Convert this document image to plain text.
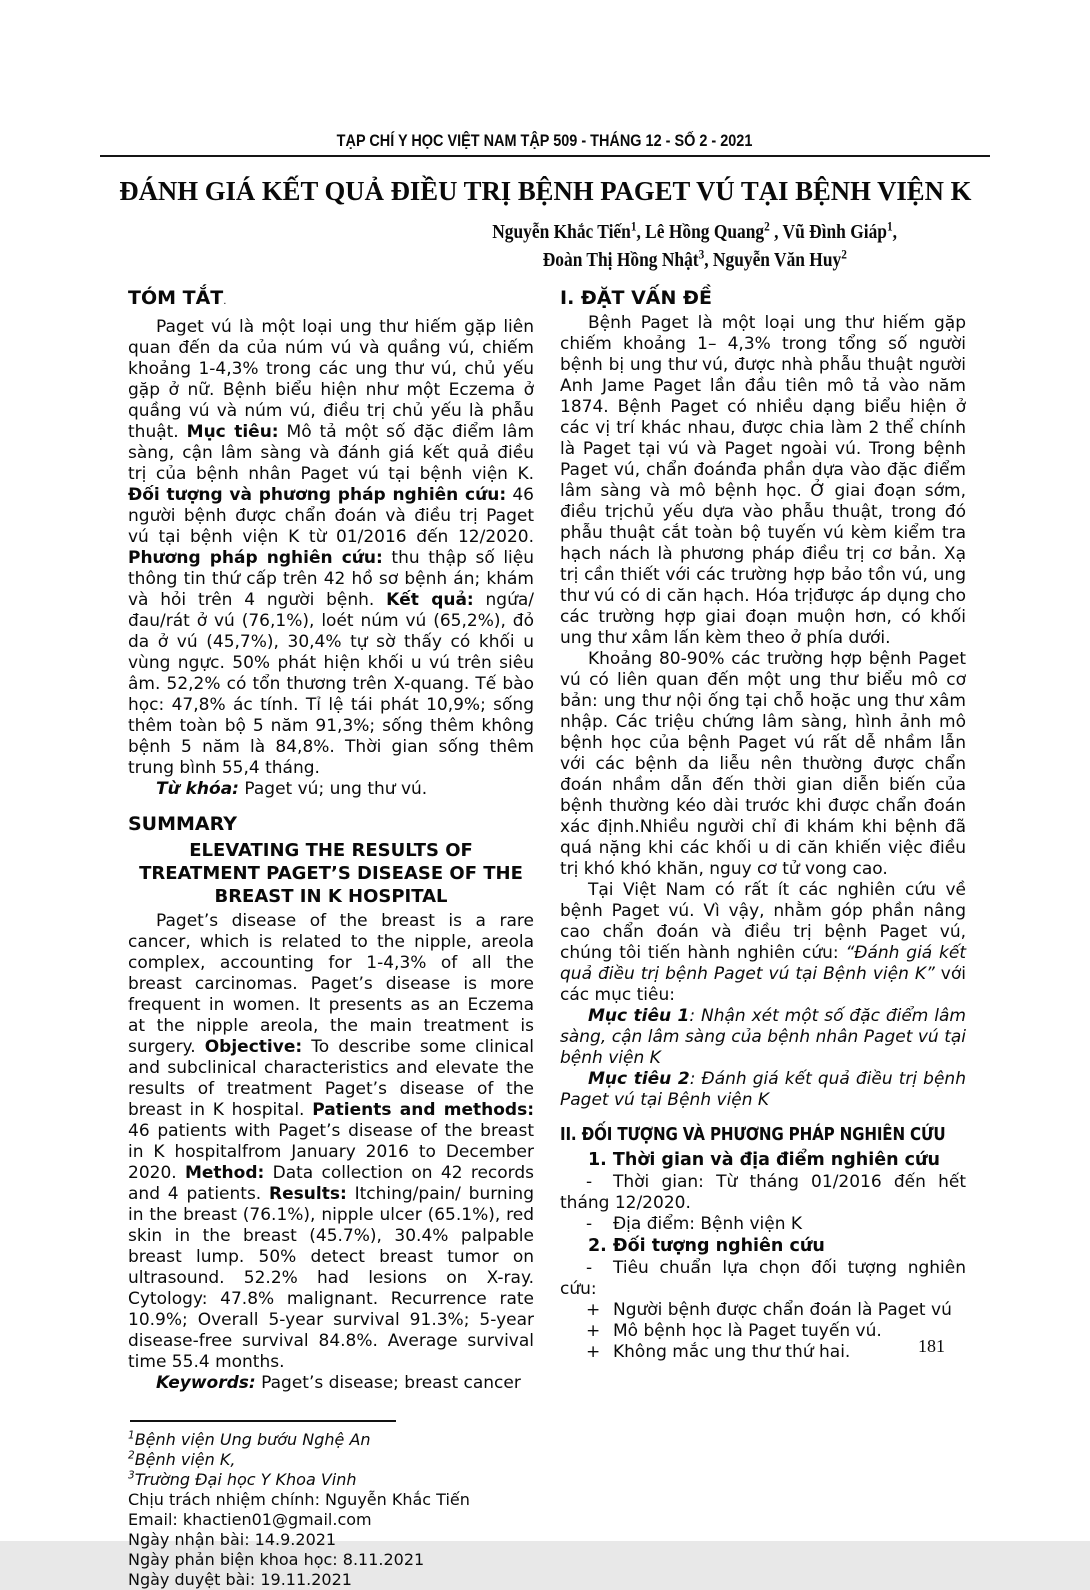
TẠP CHÍ Y HỌC VIỆT NAM TẬP 509 - THÁNG 12 - SỐ 2 - 2021
ĐÁNH GIÁ KẾT QUẢ ĐIỀU TRỊ BỆNH PAGET VÚ TẠI BỆNH VIỆN K
Nguyễn Khắc Tiến$^1$, Lê Hồng Quang$^2$ , Vũ Đình Giáp$^1$,
Đoàn Thị Hồng Nhật$^3$, Nguyễn Văn Huy$^2$
TÓM TẮT.
Paget vú là một loại ung thư hiếm gặp liên quan đến da của núm vú và quầng vú, chiếm khoảng 1-4,3% trong các ung thư vú, chủ yếu gặp ở nữ. Bệnh biểu hiện như một Eczema ở quầng vú và núm vú, điều trị chủ yếu là phẫu thuật. Mục tiêu: Mô tả một số đặc điểm lâm sàng, cận lâm sàng và đánh giá kết quả điều trị của bệnh nhân Paget vú tại bệnh viện K. Đối tượng và phương pháp nghiên cứu: 46 người bệnh được chẩn đoán và điều trị Paget vú tại bệnh viện K từ 01/2016 đến 12/2020. Phương pháp nghiên cứu: thu thập số liệu thông tin thứ cấp trên 42 hồ sơ bệnh án; khám và hỏi trên 4 người bệnh. Kết quả: ngứa/đau/rát ở vú (76,1%), loét núm vú (65,2%), đỏ da ở vú (45,7%), 30,4% tự sờ thấy có khối u vùng ngực. 50% phát hiện khối u vú trên siêu âm. 52,2% có tổn thương trên X-quang. Tế bào học: 47,8% ác tính. Tỉ lệ tái phát 10,9%; sống thêm toàn bộ 5 năm 91,3%; sống thêm không bệnh 5 năm là 84,8%. Thời gian sống thêm trung bình 55,4 tháng.
Từ khóa: Paget vú; ung thư vú.
SUMMARY
ELEVATING THE RESULTS OF TREATMENT PAGET’S DISEASE OF THE BREAST IN K HOSPITAL
Paget’s disease of the breast is a rare cancer, which is related to the nipple, areola complex, accounting for 1-4,3% of all the breast carcinomas. Paget’s disease is more frequent in women. It presents as an Eczema at the nipple areola, the main treatment is surgery. Objective: To describe some clinical and subclinical characteristics and elevate the results of treatment Paget’s disease of the breast in K hospital. Patients and methods: 46 patients with Paget’s disease of the breast in K hospitalfrom January 2016 to December 2020. Method: Data collection on 42 records and 4 patients. Results: Itching/pain/ burning in the breast (76.1%), nipple ulcer (65.1%), red skin in the breast (45.7%), 30.4% palpable breast lump. 50% detect breast tumor on ultrasound. 52.2% had lesions on X-ray. Cytology: 47.8% malignant. Recurrence rate 10.9%; Overall 5-year survival 91.3%; 5-year disease-free survival 84.8%. Average survival time 55.4 months.
Keywords: Paget’s disease; breast cancer
$^1$Bệnh viện Ung bướu Nghệ An
$^2$Bệnh viện K,
$^3$Trường Đại học Y Khoa Vinh
Chịu trách nhiệm chính: Nguyễn Khắc Tiến
Email: khactien01@gmail.com
Ngày nhận bài: 14.9.2021
Ngày phản biện khoa học: 8.11.2021
Ngày duyệt bài: 19.11.2021
I. ĐẶT VẤN ĐỀ
Bệnh Paget là một loại ung thư hiếm gặp chiếm khoảng 1– 4,3% trong tổng số người bệnh bị ung thư vú, được nhà phẫu thuật người Anh Jame Paget lần đầu tiên mô tả vào năm 1874. Bệnh Paget có nhiều dạng biểu hiện ở các vị trí khác nhau, được chia làm 2 thể chính là Paget tại vú và Paget ngoài vú. Trong bệnh Paget vú, chẩn đoánđa phần dựa vào đặc điểm lâm sàng và mô bệnh học. Ở giai đoạn sớm, điều trịchủ yếu dựa vào phẫu thuật, trong đó phẫu thuật cắt toàn bộ tuyến vú kèm kiểm tra hạch nách là phương pháp điều trị cơ bản. Xạ trị cần thiết với các trường hợp bảo tồn vú, ung thư vú có di căn hạch. Hóa trịđược áp dụng cho các trường hợp giai đoạn muộn hơn, có khối ung thư xâm lấn kèm theo ở phía dưới.
Khoảng 80-90% các trường hợp bệnh Paget vú có liên quan đến một ung thư biểu mô cơ bản: ung thư nội ống tại chỗ hoặc ung thư xâm nhập. Các triệu chứng lâm sàng, hình ảnh mô bệnh học của bệnh Paget vú rất dễ nhầm lẫn với các bệnh da liễu nên thường được chẩn đoán nhầm dẫn đến thời gian diễn biến của bệnh thường kéo dài trước khi được chẩn đoán xác định.Nhiều người chỉ đi khám khi bệnh đã quá nặng khi các khối u di căn khiến việc điều trị khó khó khăn, nguy cơ tử vong cao.
Tại Việt Nam có rất ít các nghiên cứu về bệnh Paget vú. Vì vậy, nhằm góp phần nâng cao chẩn đoán và điều trị bệnh Paget vú, chúng tôi tiến hành nghiên cứu: “Đánh giá kết quả điều trị bệnh Paget vú tại Bệnh viện K” với các mục tiêu:
Mục tiêu 1: Nhận xét một số đặc điểm lâm sàng, cận lâm sàng của bệnh nhân Paget vú tại bệnh viện K
Mục tiêu 2: Đánh giá kết quả điều trị bệnh Paget vú tại Bệnh viện K
II. ĐỐI TƯỢNG VÀ PHƯƠNG PHÁP NGHIÊN CỨU
1. Thời gian và địa điểm nghiên cứu
- Thời gian: Từ tháng 01/2016 đến hết tháng 12/2020.
- Địa điểm: Bệnh viện K
2. Đối tượng nghiên cứu
- Tiêu chuẩn lựa chọn đối tượng nghiên cứu:
+ Người bệnh được chẩn đoán là Paget vú
+ Mô bệnh học là Paget tuyến vú.
+ Không mắc ung thư thứ hai.	181
